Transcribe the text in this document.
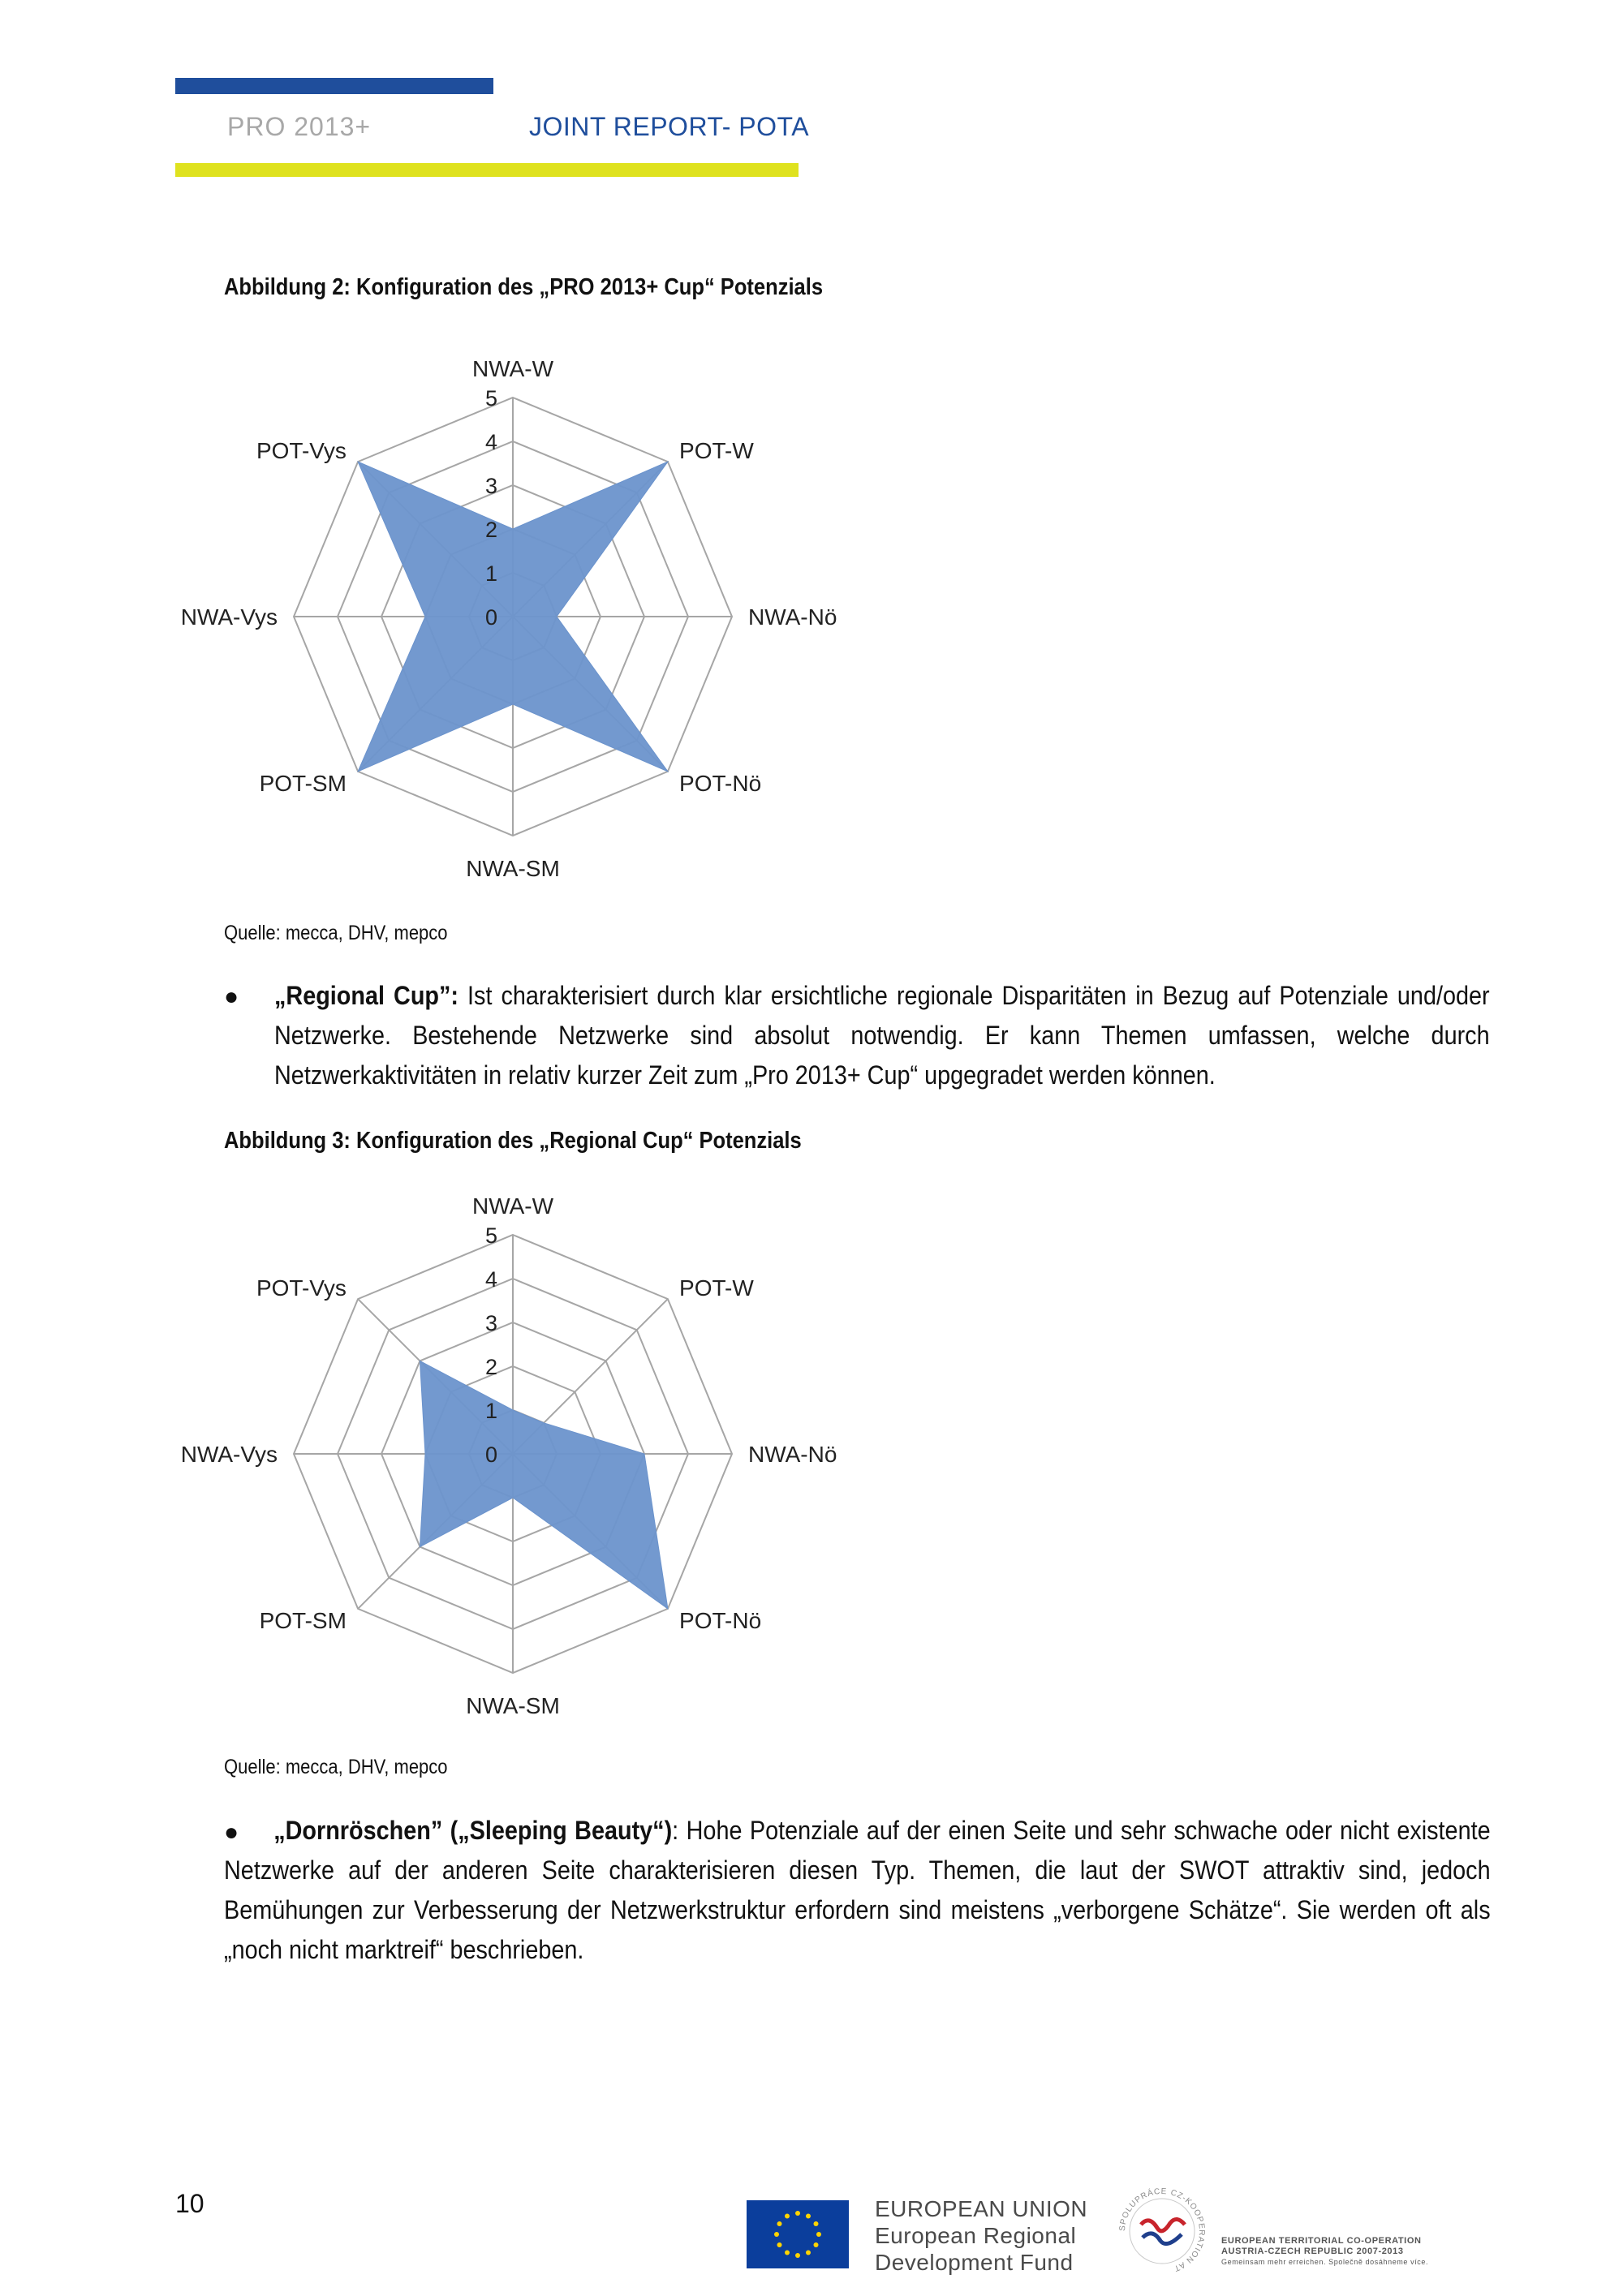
PRO 2013+	JOINT REPORT- POTA
Abbildung 2: Konfiguration des „PRO 2013+ Cup“ Potenzials
0
1
2
3
4
5
NWA-W
POT-W
NWA-Nö
POT-Nö
NWA-SM
POT-SM
NWA-Vys
POT-Vys
Quelle: mecca, DHV, mepco
● „Regional Cup”: Ist charakterisiert durch klar ersichtliche regionale Disparitäten in Bezug auf Potenziale und/oder Netzwerke. Bestehende Netzwerke sind absolut notwendig. Er kann Themen umfassen, welche durch Netzwerkaktivitäten in relativ kurzer Zeit zum „Pro 2013+ Cup“ upgegradet werden können.
Abbildung 3: Konfiguration des „Regional Cup“ Potenzials
0
1
2
3
4
5
NWA-W
POT-W
NWA-Nö
POT-Nö
NWA-SM
POT-SM
NWA-Vys
POT-Vys
Quelle: mecca, DHV, mepco
●	„Dornröschen” („Sleeping Beauty“): Hohe Potenziale auf der einen Seite und sehr schwache oder nicht existente Netzwerke auf der anderen Seite charakterisieren diesen Typ. Themen, die laut der SWOT attraktiv sind, jedoch Bemühungen zur Verbesserung der Netzwerkstruktur erfordern sind meistens „verborgene Schätze“. Sie werden oft als „noch nicht marktreif“ beschrieben.
10	EUROPEAN UNION
European Regional
Development Fund
SPOLUPRÁCE CZ-KOOPERATION AT
EUROPEAN TERRITORIAL CO-OPERATION
AUSTRIA-CZECH REPUBLIC 2007-2013
Gemeinsam mehr erreichen. Společně dosáhneme více.
